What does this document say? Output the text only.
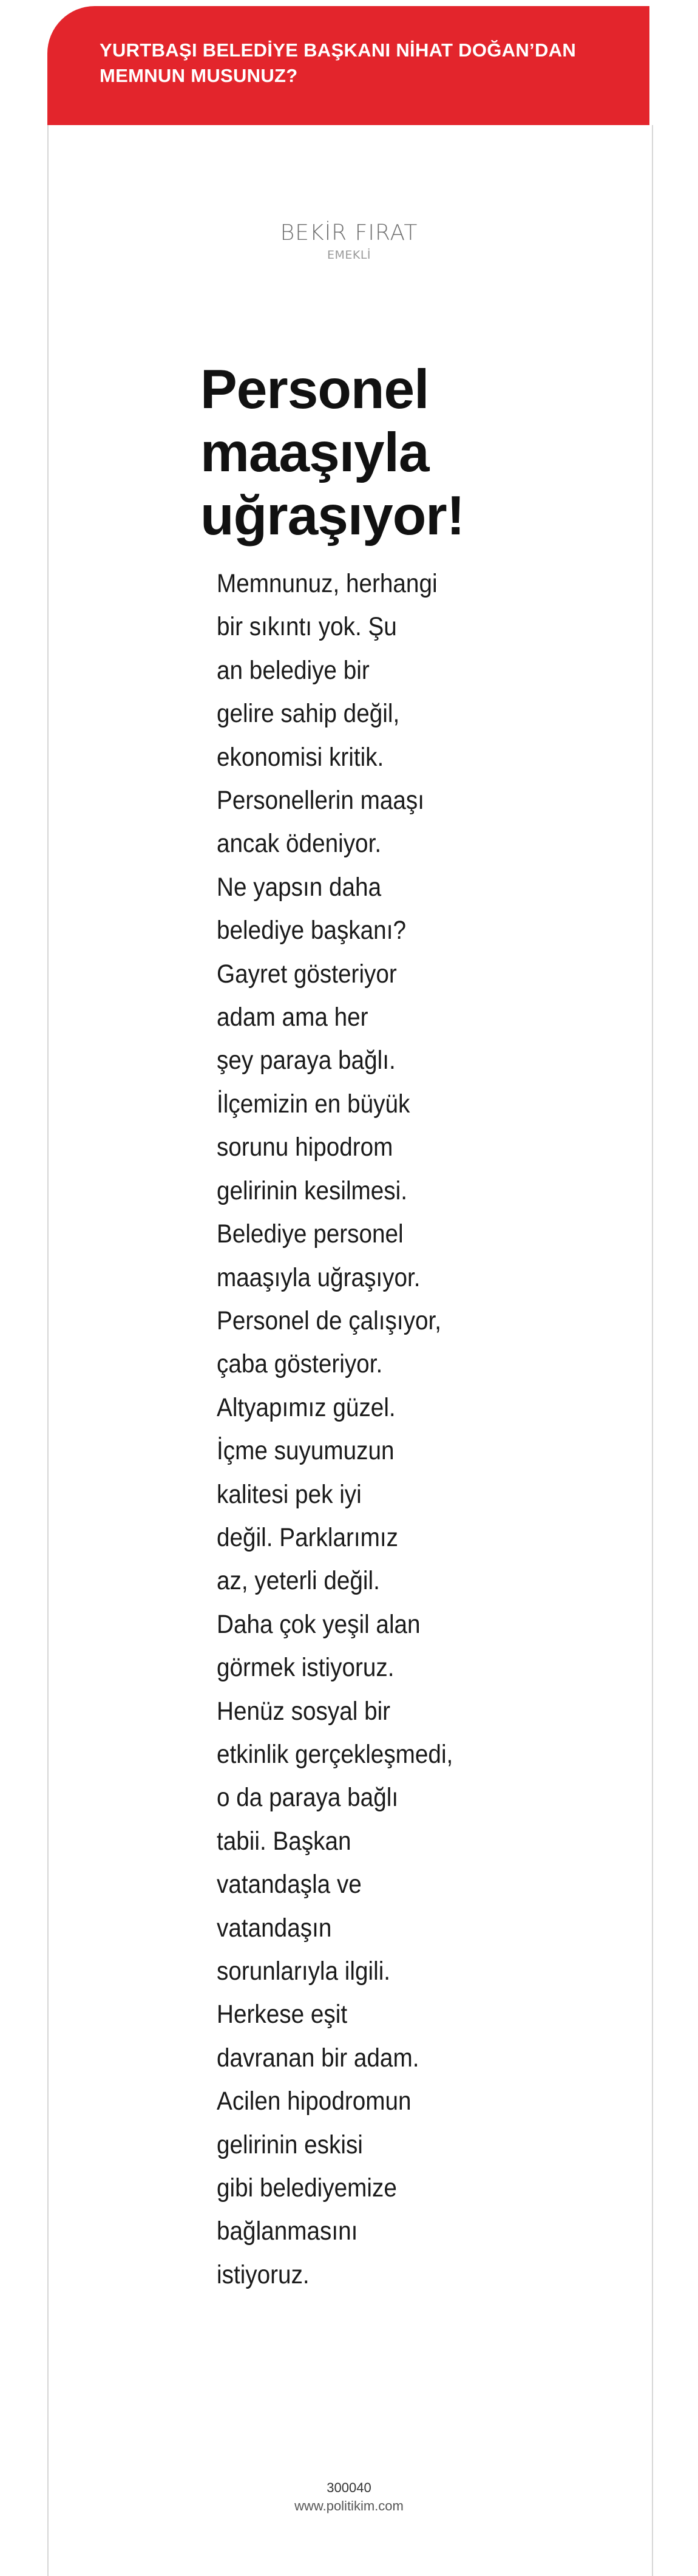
YURTBAŞI BELEDİYE BAŞKANI NİHAT DOĞAN’DAN
MEMNUN MUSUNUZ?

BEKİR FIRAT
EMEKLİ
Personel
maaşıyla
uğraşıyor!
Memnunuz, herhangi
bir sıkıntı yok. Şu
an belediye bir
gelire sahip değil,
ekonomisi kritik.
Personellerin maaşı
ancak ödeniyor.
Ne yapsın daha
belediye başkanı?
Gayret gösteriyor
adam ama her
şey paraya bağlı.
İlçemizin en büyük
sorunu hipodrom
gelirinin kesilmesi.
Belediye personel
maaşıyla uğraşıyor.
Personel de çalışıyor,
çaba gösteriyor.
Altyapımız güzel.
İçme suyumuzun
kalitesi pek iyi
değil. Parklarımız
az, yeterli değil.
Daha çok yeşil alan
görmek istiyoruz.
Henüz sosyal bir
etkinlik gerçekleşmedi,
o da paraya bağlı
tabii. Başkan
vatandaşla ve
vatandaşın
sorunlarıyla ilgili.
Herkese eşit
davranan bir adam.
Acilen hipodromun
gelirinin eskisi
gibi belediyemize
bağlanmasını
istiyoruz.
300040
www.politikim.com
